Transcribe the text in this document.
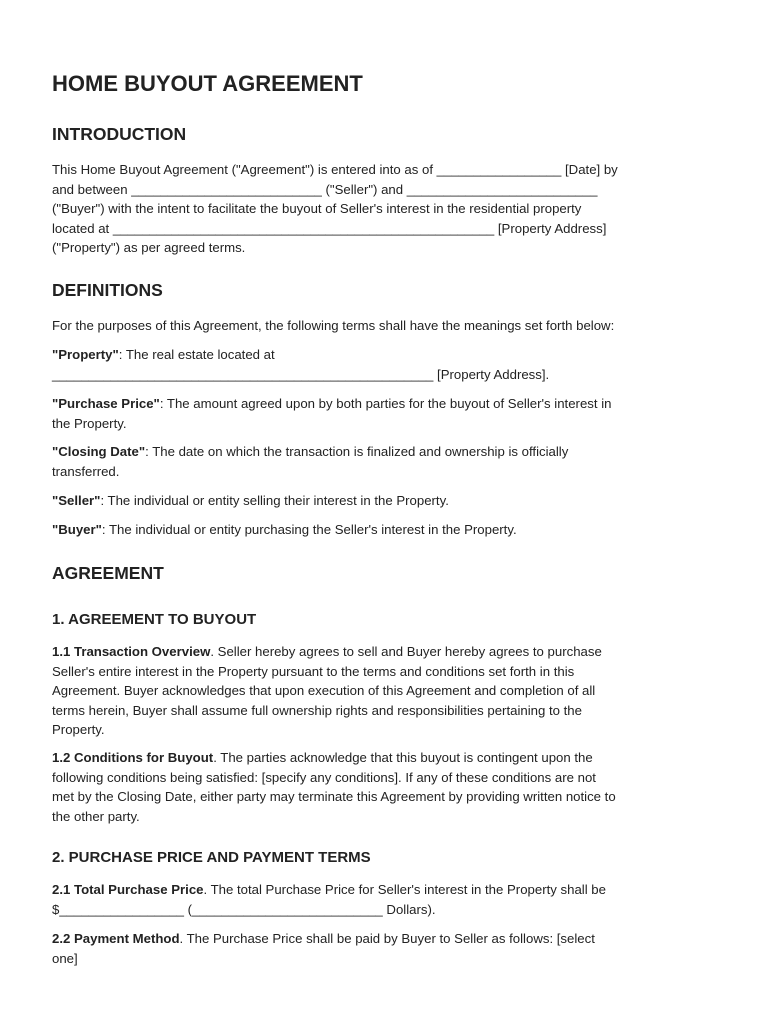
HOME BUYOUT AGREEMENT
INTRODUCTION
This Home Buyout Agreement ("Agreement") is entered into as of _________________ [Date] by
and between __________________________ ("Seller") and __________________________
("Buyer") with the intent to facilitate the buyout of Seller's interest in the residential property
located at ____________________________________________________ [Property Address]
("Property") as per agreed terms.
DEFINITIONS
For the purposes of this Agreement, the following terms shall have the meanings set forth below:
"Property": The real estate located at
____________________________________________________ [Property Address].
"Purchase Price": The amount agreed upon by both parties for the buyout of Seller's interest in
the Property.
"Closing Date": The date on which the transaction is finalized and ownership is officially
transferred.
"Seller": The individual or entity selling their interest in the Property.
"Buyer": The individual or entity purchasing the Seller's interest in the Property.
AGREEMENT
1. AGREEMENT TO BUYOUT
1.1 Transaction Overview. Seller hereby agrees to sell and Buyer hereby agrees to purchase
Seller's entire interest in the Property pursuant to the terms and conditions set forth in this
Agreement. Buyer acknowledges that upon execution of this Agreement and completion of all
terms herein, Buyer shall assume full ownership rights and responsibilities pertaining to the
Property.
1.2 Conditions for Buyout. The parties acknowledge that this buyout is contingent upon the
following conditions being satisfied: [specify any conditions]. If any of these conditions are not
met by the Closing Date, either party may terminate this Agreement by providing written notice to
the other party.
2. PURCHASE PRICE AND PAYMENT TERMS
2.1 Total Purchase Price. The total Purchase Price for Seller's interest in the Property shall be
$_________________ (__________________________ Dollars).
2.2 Payment Method. The Purchase Price shall be paid by Buyer to Seller as follows: [select
one]
